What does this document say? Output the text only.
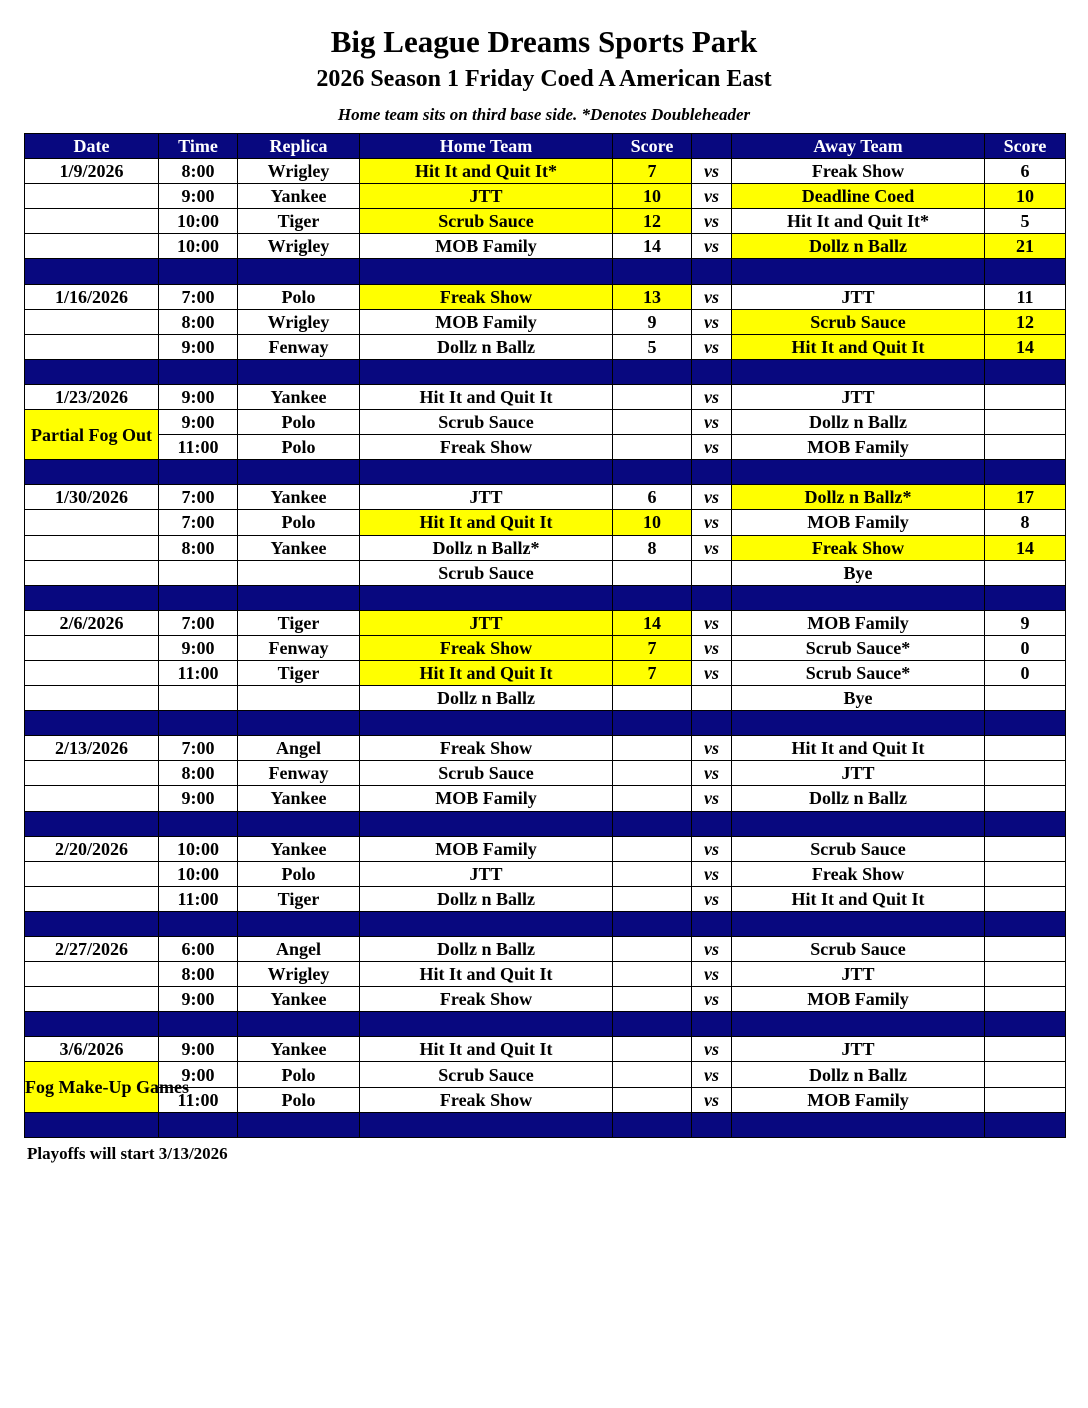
Big League Dreams Sports Park
2026 Season 1 Friday Coed A American East
Home team sits on third base side. *Denotes Doubleheader
Date	Time	Replica	Home Team	Score		Away Team	Score
1/9/2026	8:00	Wrigley	Hit It and Quit It*	7	vs	Freak Show	6
	9:00	Yankee	JTT	10	vs	Deadline Coed	10
	10:00	Tiger	Scrub Sauce	12	vs	Hit It and Quit It*	5
	10:00	Wrigley	MOB Family	14	vs	Dollz n Ballz	21

1/16/2026	7:00	Polo	Freak Show	13	vs	JTT	11
	8:00	Wrigley	MOB Family	9	vs	Scrub Sauce	12
	9:00	Fenway	Dollz n Ballz	5	vs	Hit It and Quit It	14

1/23/2026	9:00	Yankee	Hit It and Quit It		vs	JTT	
Partial Fog Out	9:00	Polo	Scrub Sauce		vs	Dollz n Ballz	
	11:00	Polo	Freak Show		vs	MOB Family	

1/30/2026	7:00	Yankee	JTT	6	vs	Dollz n Ballz*	17
	7:00	Polo	Hit It and Quit It	10	vs	MOB Family	8
	8:00	Yankee	Dollz n Ballz*	8	vs	Freak Show	14
			Scrub Sauce			Bye	

2/6/2026	7:00	Tiger	JTT	14	vs	MOB Family	9
	9:00	Fenway	Freak Show	7	vs	Scrub Sauce*	0
	11:00	Tiger	Hit It and Quit It	7	vs	Scrub Sauce*	0
			Dollz n Ballz			Bye	

2/13/2026	7:00	Angel	Freak Show		vs	Hit It and Quit It	
	8:00	Fenway	Scrub Sauce		vs	JTT	
	9:00	Yankee	MOB Family		vs	Dollz n Ballz	

2/20/2026	10:00	Yankee	MOB Family		vs	Scrub Sauce	
	10:00	Polo	JTT		vs	Freak Show	
	11:00	Tiger	Dollz n Ballz		vs	Hit It and Quit It	

2/27/2026	6:00	Angel	Dollz n Ballz		vs	Scrub Sauce	
	8:00	Wrigley	Hit It and Quit It		vs	JTT	
	9:00	Yankee	Freak Show		vs	MOB Family	

3/6/2026	9:00	Yankee	Hit It and Quit It		vs	JTT	
Fog Make-Up Games	9:00	Polo	Scrub Sauce		vs	Dollz n Ballz	
	11:00	Polo	Freak Show		vs	MOB Family	

Playoffs will start 3/13/2026
